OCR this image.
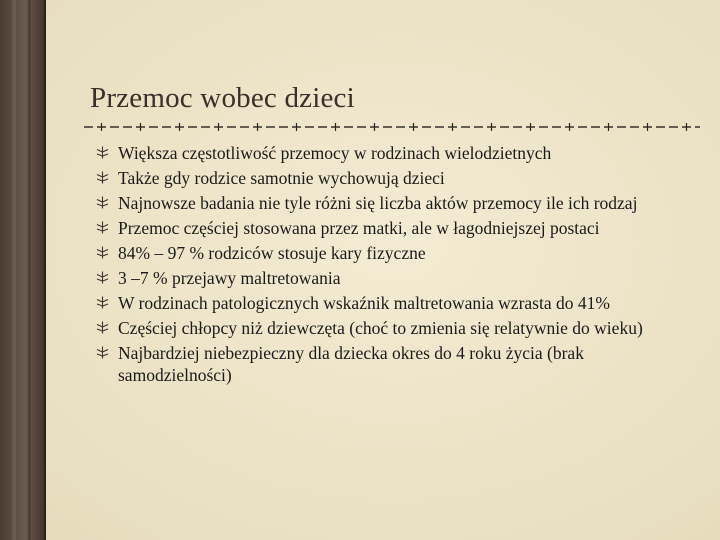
Przemoc wobec dzieci
Większa częstotliwość przemocy w rodzinach wielodzietnych
Także gdy rodzice samotnie wychowują dzieci
Najnowsze badania nie tyle różni się liczba aktów przemocy ile ich rodzaj
Przemoc częściej stosowana przez matki, ale w łagodniejszej postaci
84% – 97 % rodziców stosuje kary fizyczne
3 –7 % przejawy maltretowania
W rodzinach patologicznych wskaźnik maltretowania wzrasta do 41%
Częściej chłopcy niż dziewczęta (choć to zmienia się relatywnie do wieku)
Najbardziej niebezpieczny dla dziecka okres do 4 roku życia (brak samodzielności)
